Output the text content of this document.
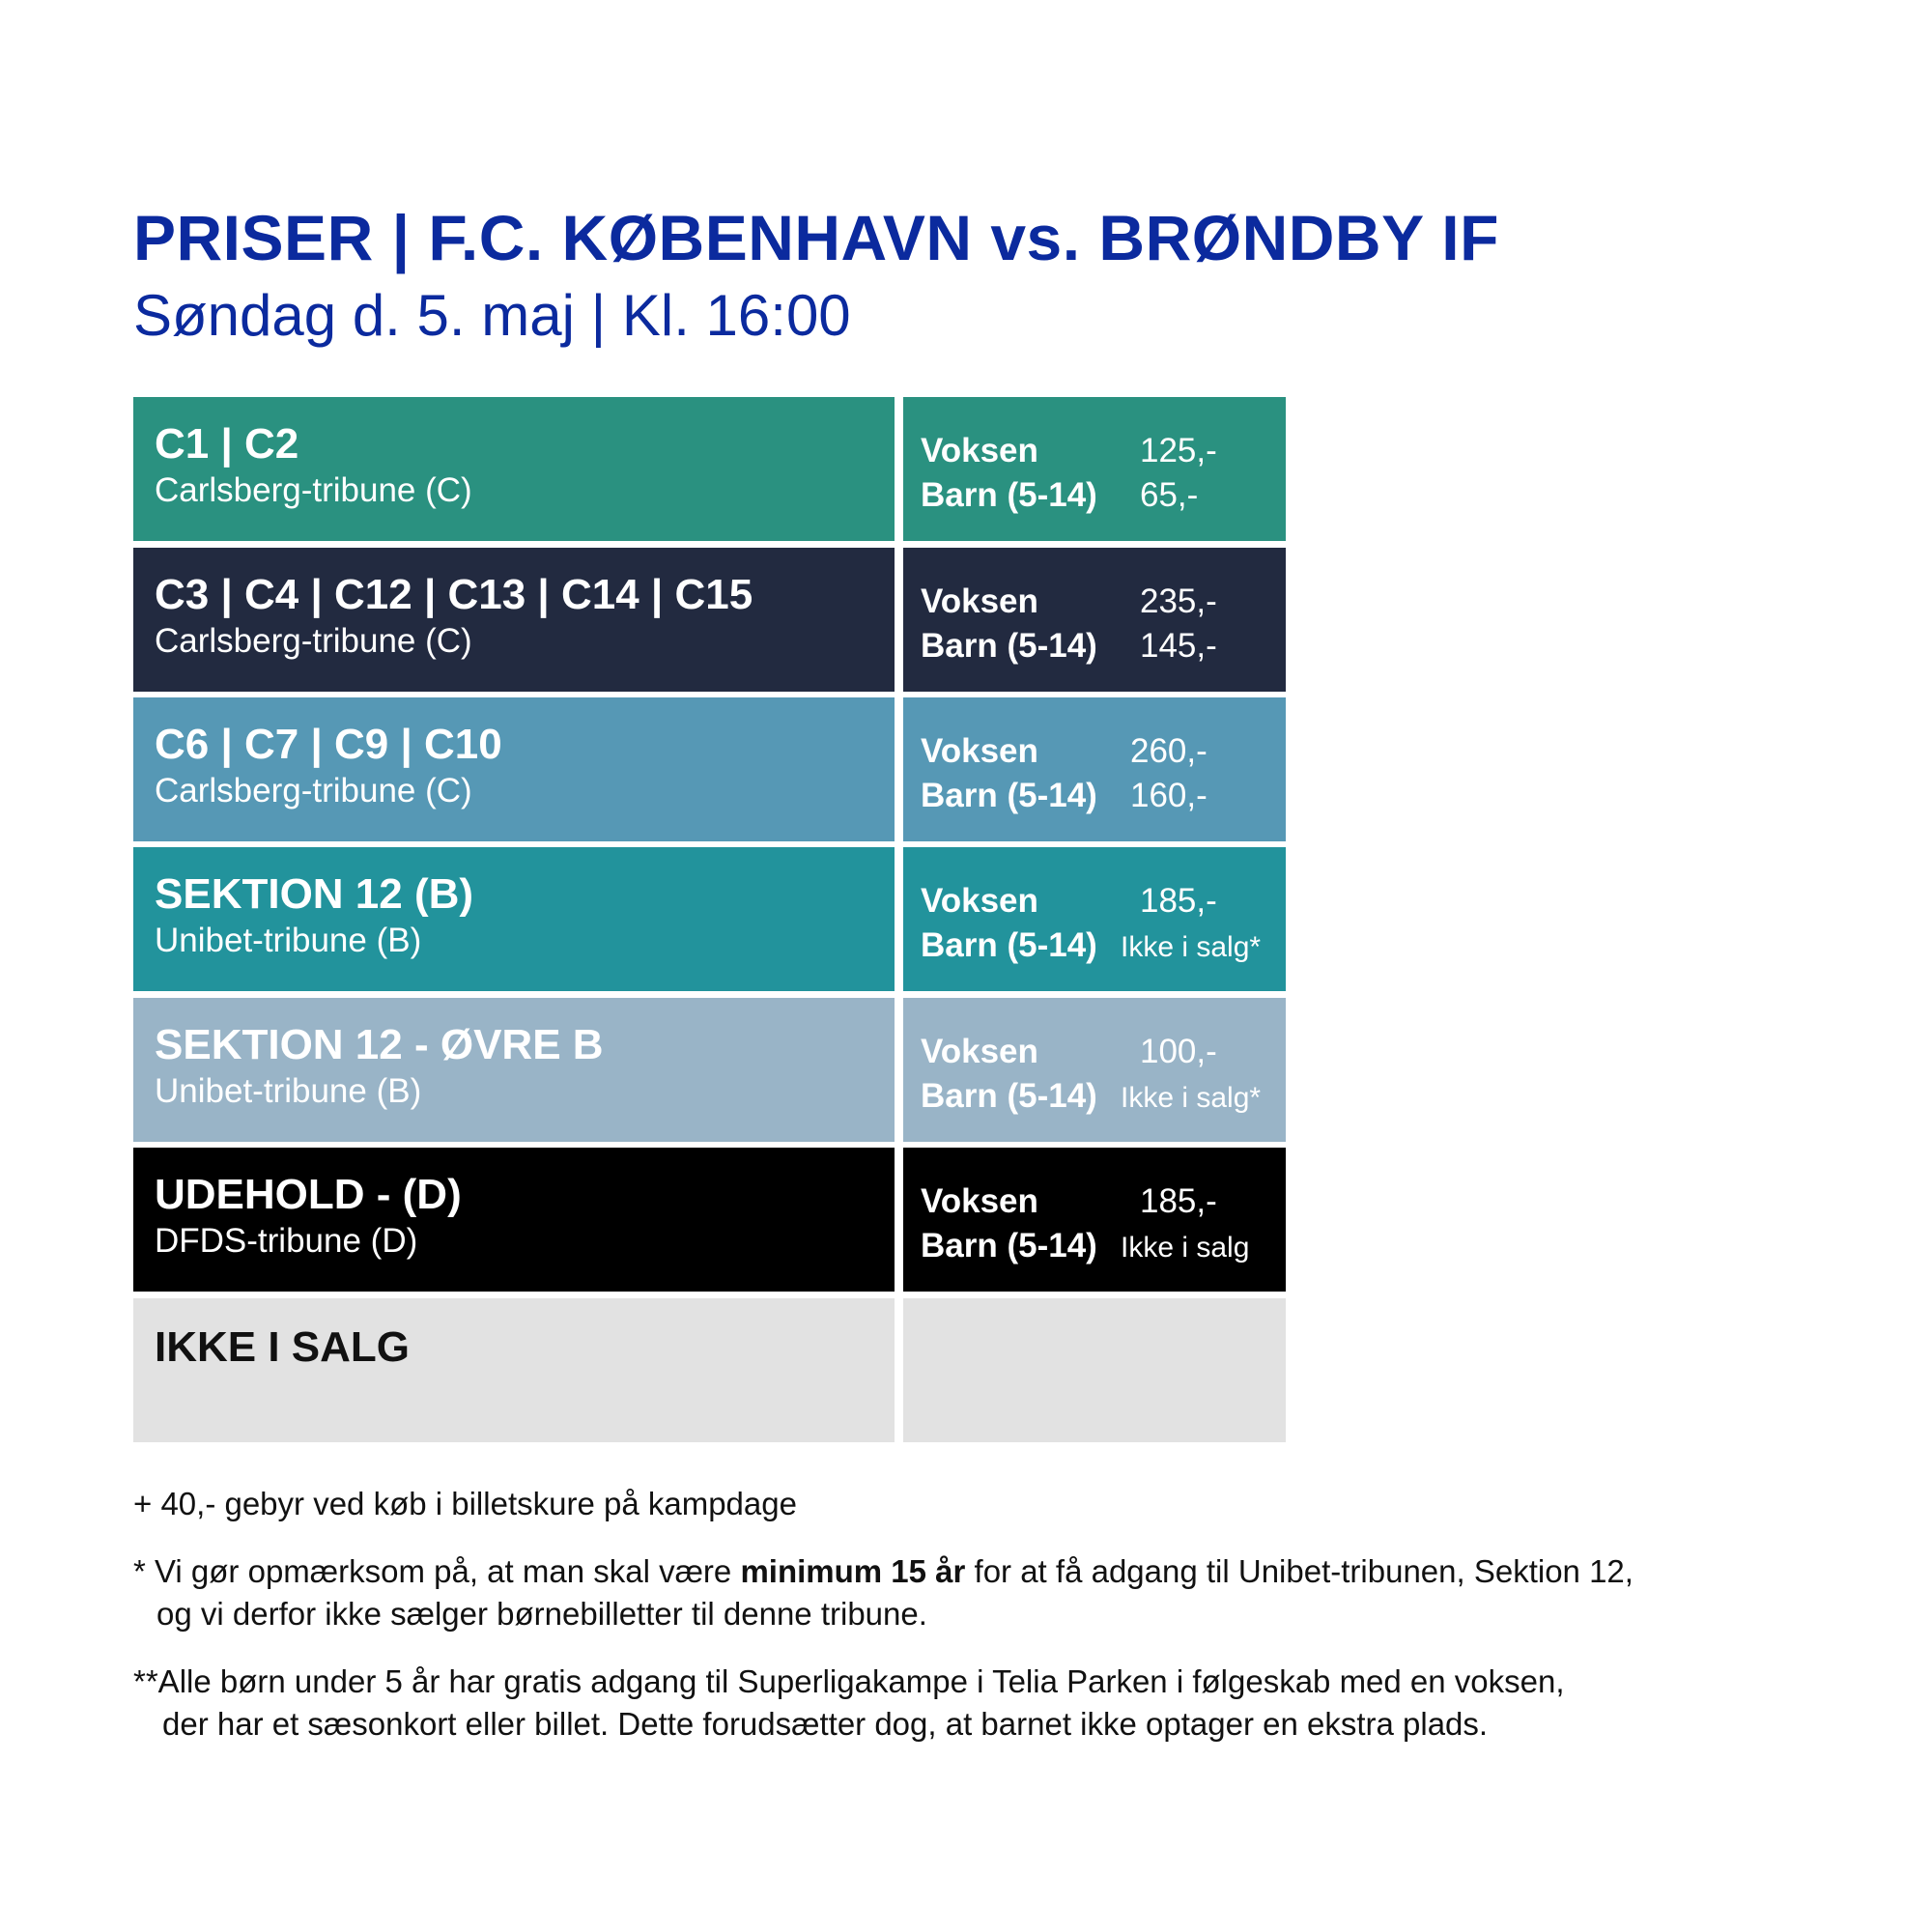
PRISER | F.C. KØBENHAVN vs. BRØNDBY IF
Søndag d. 5. maj | Kl. 16:00
C1 | C2
Carlsberg-tribune (C)
Voksen	125,-
Barn (5-14) 65,-
C3 | C4 | C12 | C13 | C14 | C15
Carlsberg-tribune (C)
Voksen	235,-
Barn (5-14) 145,-
C6 | C7 | C9 | C10
Carlsberg-tribune (C)
Voksen	260,-
Barn (5-14) 160,-
SEKTION 12 (B)
Unibet-tribune (B)
Voksen	185,-
Barn (5-14) Ikke i salg*
SEKTION 12 - ØVRE B
Unibet-tribune (B)
Voksen	100,-
Barn (5-14) Ikke i salg*
UDEHOLD - (D)
DFDS-tribune (D)
Voksen	185,-
Barn (5-14) Ikke i salg
IKKE I SALG
+ 40,- gebyr ved køb i billetskure på kampdage
* Vi gør opmærksom på, at man skal være minimum 15 år for at få adgang til Unibet-tribunen, Sektion 12,
og vi derfor ikke sælger børnebilletter til denne tribune.
**Alle børn under 5 år har gratis adgang til Superligakampe i Telia Parken i følgeskab med en voksen,
der har et sæsonkort eller billet. Dette forudsætter dog, at barnet ikke optager en ekstra plads.
